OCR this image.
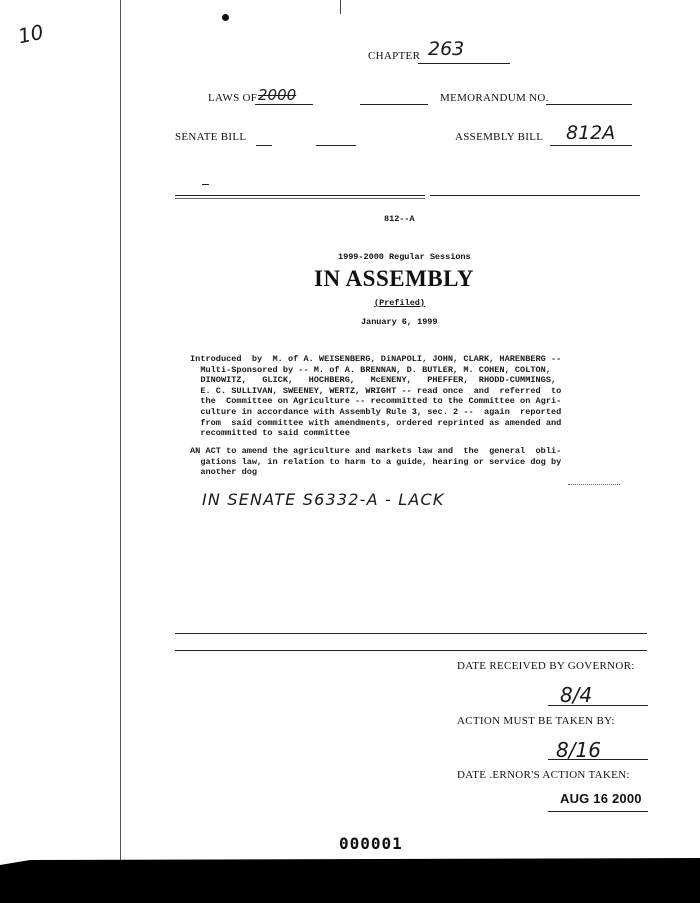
10
CHAPTER 263
LAWS OF 2000	MEMORANDUM NO.
SENATE BILL	ASSEMBLY BILL 812A
812--A
1999-2000 Regular Sessions
IN ASSEMBLY
(Prefiled)
January 6, 1999
Introduced  by  M. of A. WEISENBERG, DiNAPOLI, JOHN, CLARK, HARENBERG --
Multi-Sponsored by -- M. of A. BRENNAN, D. BUTLER, M. COHEN, COLTON,
DINOWITZ,   GLICK,   HOCHBERG,   McENENY,   PHEFFER,  RHODD-CUMMINGS,
E. C. SULLIVAN, SWEENEY, WERTZ, WRIGHT -- read once  and  referred  to
the  Committee on Agriculture -- recommitted to the Committee on Agri-
culture in accordance with Assembly Rule 3, sec. 2 --  again  reported
from  said committee with amendments, ordered reprinted as amended and
recommitted to said committee
AN ACT to amend the agriculture and markets law and  the  general  obli-
gations law, in relation to harm to a guide, hearing or service dog by
another dog
IN SENATE S6332-A - LACK
DATE RECEIVED BY GOVERNOR:
8/4
ACTION MUST BE TAKEN BY:
8/16
DATE .ERNOR'S ACTION TAKEN:
AUG 16 2000
000001
